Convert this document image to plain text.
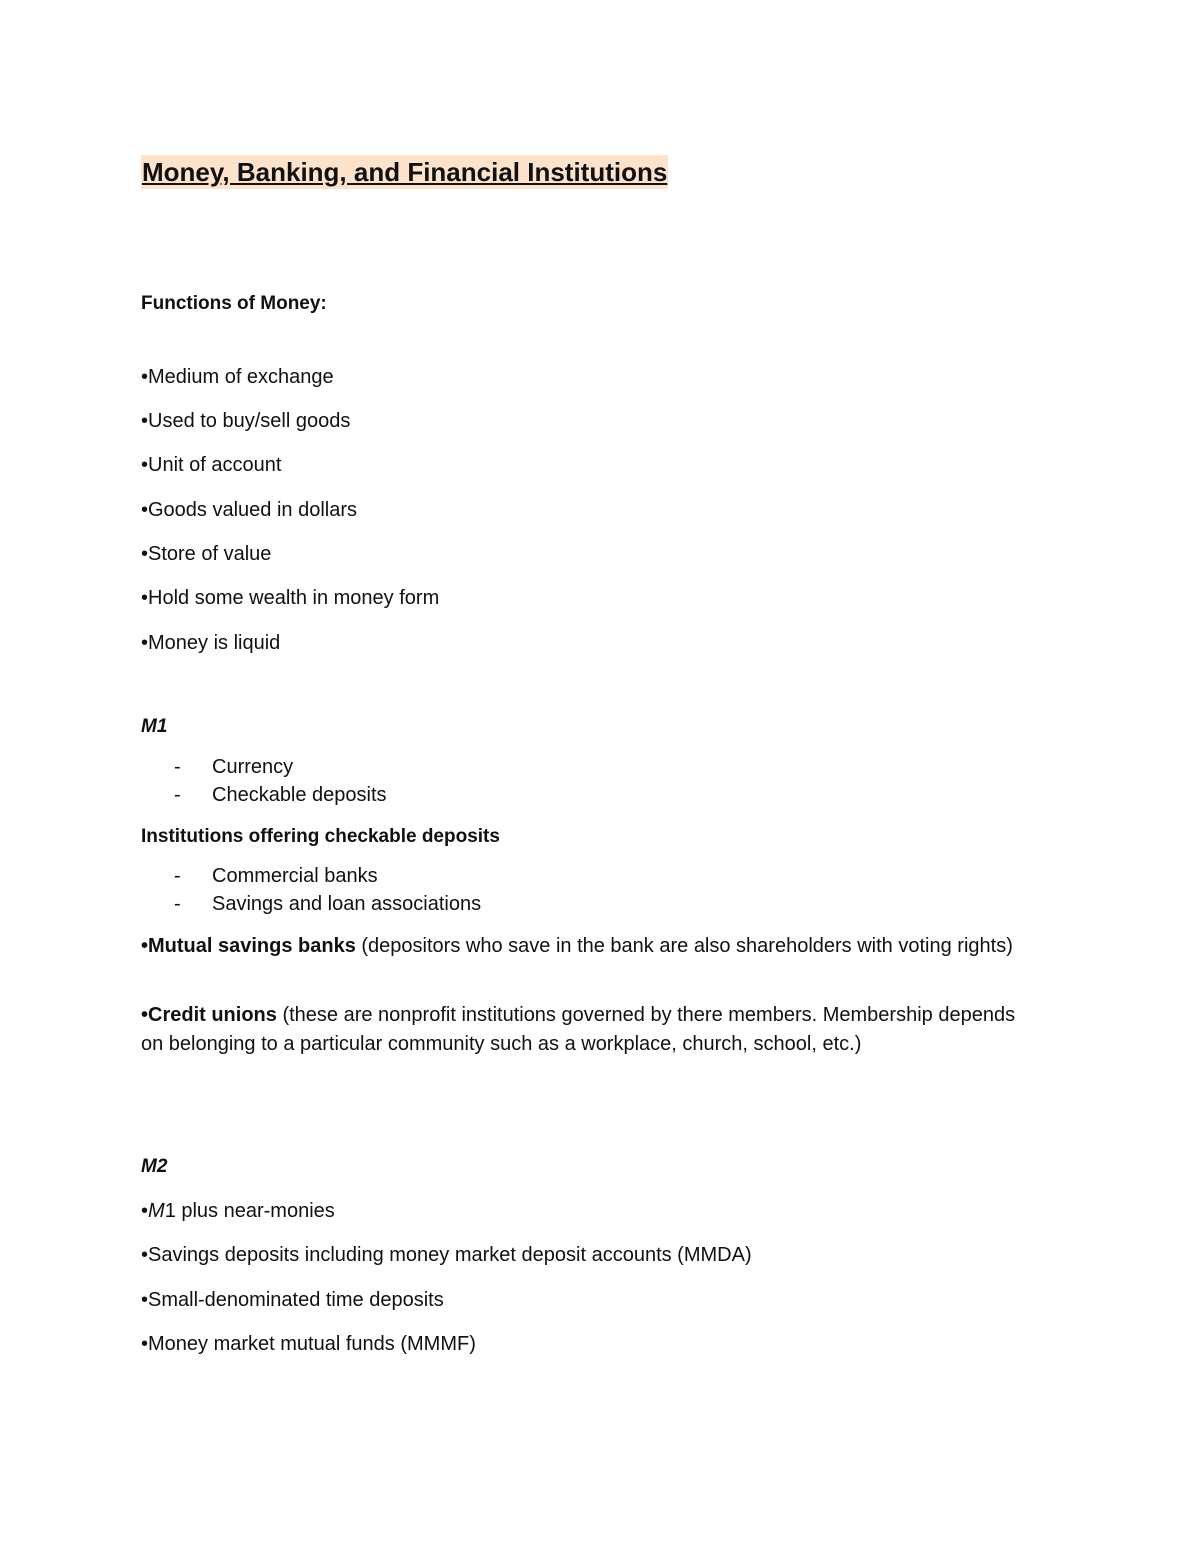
Money, Banking, and Financial Institutions
Functions of Money:
•Medium of exchange
•Used to buy/sell goods
•Unit of account
•Goods valued in dollars
•Store of value
•Hold some wealth in money form
•Money is liquid
M1
- Currency
- Checkable deposits
Institutions offering checkable deposits
- Commercial banks
- Savings and loan associations
•Mutual savings banks (depositors who save in the bank are also shareholders with voting rights)
•Credit unions (these are nonprofit institutions governed by there members. Membership depends on belonging to a particular community such as a workplace, church, school, etc.)
M2
•M1 plus near-monies
•Savings deposits including money market deposit accounts (MMDA)
•Small-denominated time deposits
•Money market mutual funds (MMMF)
